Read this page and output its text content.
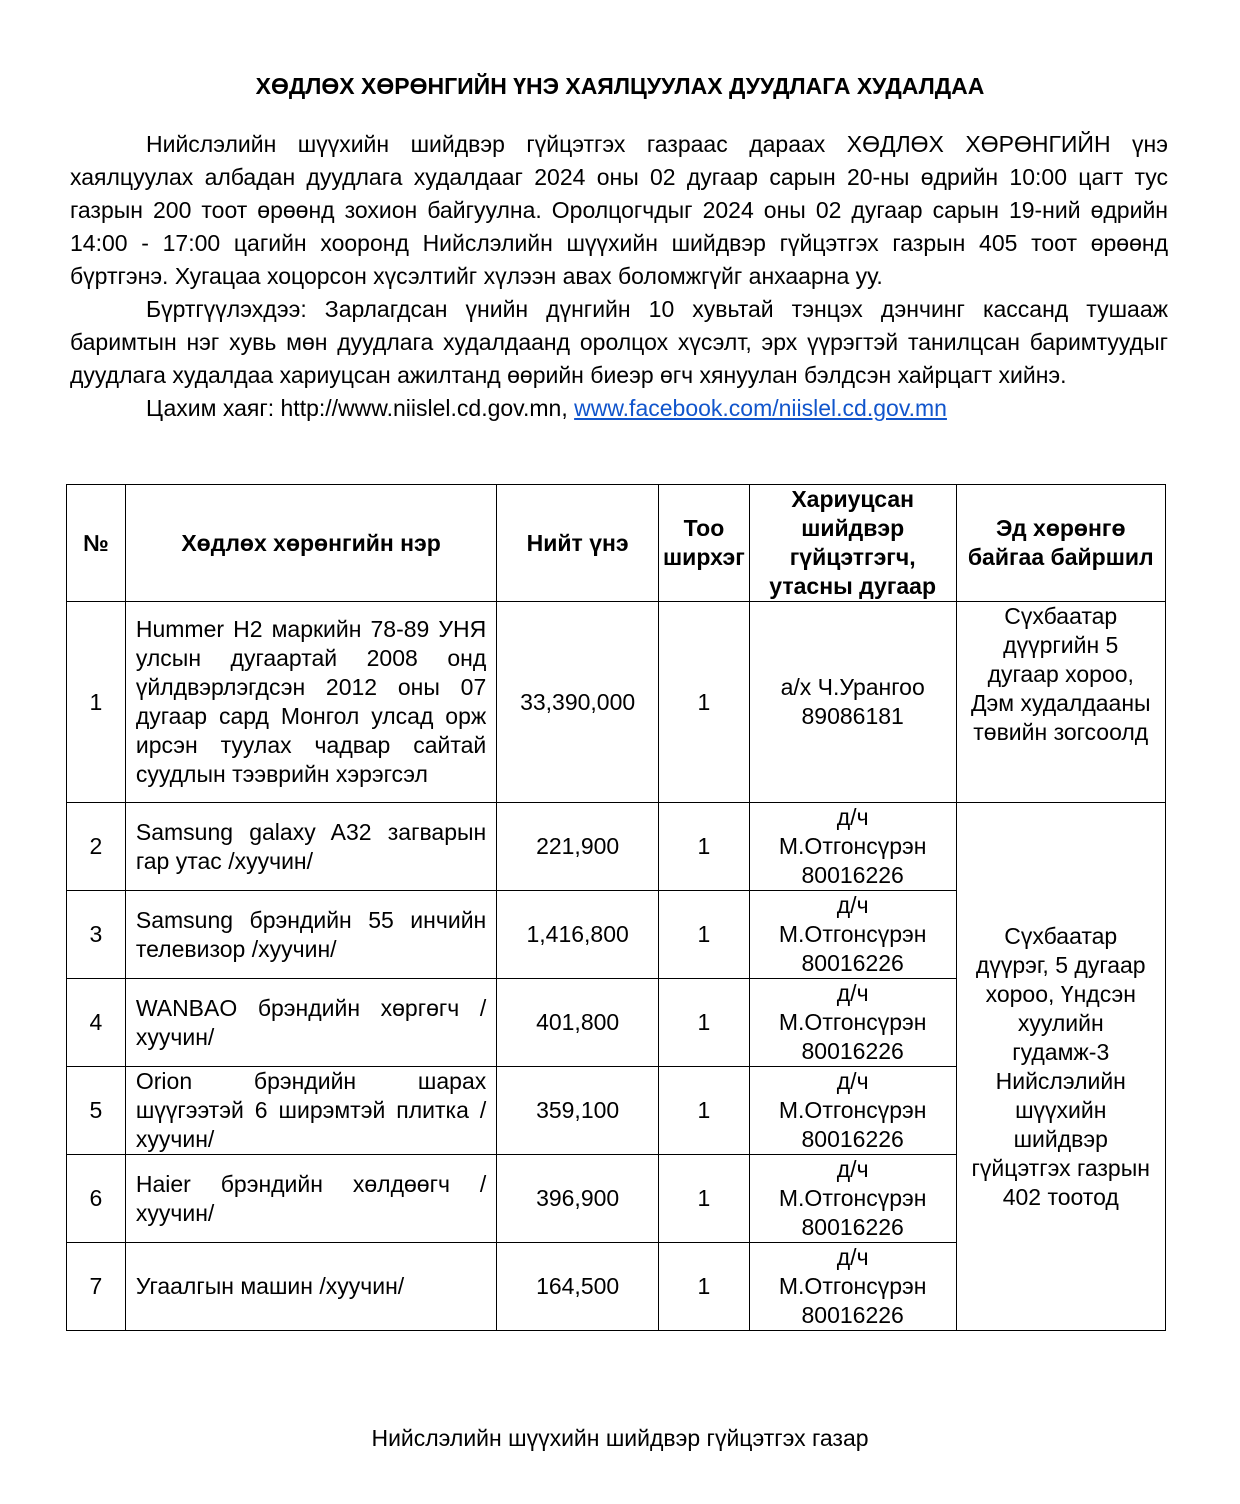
ХӨДЛӨХ ХӨРӨНГИЙН ҮНЭ ХАЯЛЦУУЛАХ ДУУДЛАГА ХУДАЛДАА

Нийслэлийн шүүхийн шийдвэр гүйцэтгэх газраас дараах ХӨДЛӨХ ХӨРӨНГИЙН үнэ хаялцуулах албадан дуудлага худалдааг 2024 оны 02 дугаар сарын 20-ны өдрийн 10:00 цагт тус газрын 200 тоот өрөөнд зохион байгуулна. Оролцогчдыг 2024 оны 02 дугаар сарын 19-ний өдрийн 14:00 - 17:00 цагийн хооронд Нийслэлийн шүүхийн шийдвэр гүйцэтгэх газрын 405 тоот өрөөнд бүртгэнэ. Хугацаа хоцорсон хүсэлтийг хүлээн авах боломжгүйг анхаарна уу.

Бүртгүүлэхдээ: Зарлагдсан үнийн дүнгийн 10 хувьтай тэнцэх дэнчинг кассанд тушааж баримтын нэг хувь мөн дуудлага худалдаанд оролцох хүсэлт, эрх үүрэгтэй танилцсан баримтуудыг дуудлага худалдаа хариуцсан ажилтанд өөрийн биеэр өгч хянуулан бэлдсэн хайрцагт хийнэ.

Цахим хаяг: http://www.niislel.cd.gov.mn, www.facebook.com/niislel.cd.gov.mn

№	Хөдлөх хөрөнгийн нэр	Нийт үнэ	Тоо ширхэг	Хариуцсан шийдвэр гүйцэтгэгч, утасны дугаар	Эд хөрөнгө байгаа байршил
1	Hummer H2 маркийн 78-89 УНЯ улсын дугаартай 2008 онд үйлдвэрлэгдсэн 2012 оны 07 дугаар сард Монгол улсад орж ирсэн туулах чадвар сайтай суудлын тээврийн хэрэгсэл	33,390,000	1	а/х Ч.Урангоо 89086181	Сүхбаатар дүүргийн 5 дугаар хороо, Дэм худалдааны төвийн зогсоолд
2	Samsung galaxy A32 загварын гар утас /хуучин/	221,900	1	д/ч М.Отгонсүрэн 80016226	Сүхбаатар дүүрэг, 5 дугаар хороо, Үндсэн хуулийн гудамж-3 Нийслэлийн шүүхийн шийдвэр гүйцэтгэх газрын 402 тоотод
3	Samsung брэндийн 55 инчийн телевизор /хуучин/	1,416,800	1	д/ч М.Отгонсүрэн 80016226	
4	WANBAO брэндийн хөргөгч /хуучин/	401,800	1	д/ч М.Отгонсүрэн 80016226	
5	Orion брэндийн шарах шүүгээтэй 6 ширэмтэй плитка /хуучин/	359,100	1	д/ч М.Отгонсүрэн 80016226	
6	Haier брэндийн хөлдөөгч /хуучин/	396,900	1	д/ч М.Отгонсүрэн 80016226	
7	Угаалгын машин /хуучин/	164,500	1	д/ч М.Отгонсүрэн 80016226	
Нийслэлийн шүүхийн шийдвэр гүйцэтгэх газар
